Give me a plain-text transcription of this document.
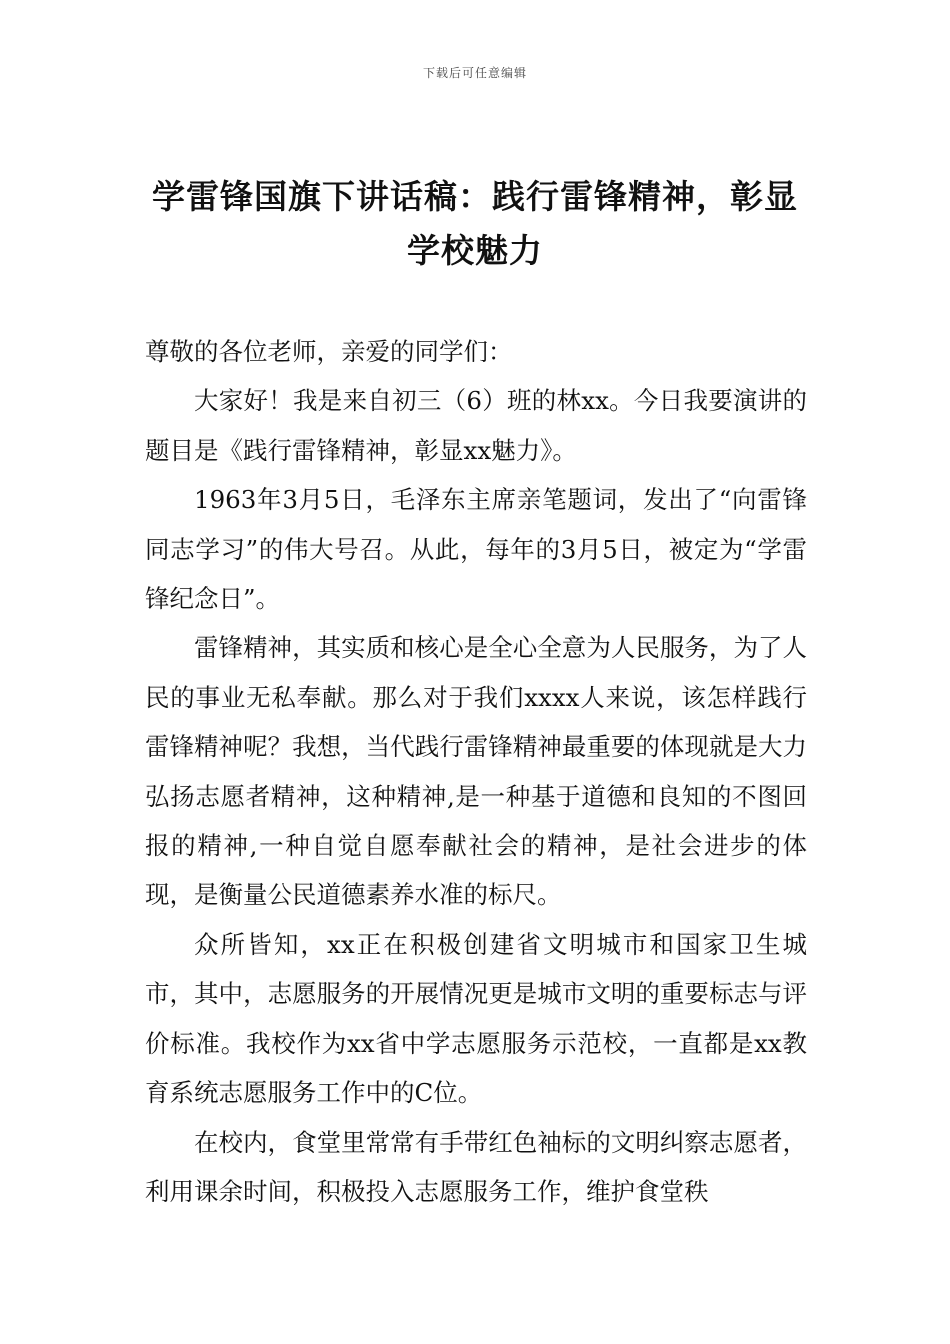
下载后可任意编辑
学雷锋国旗下讲话稿：践行雷锋精神，彰显学校魅力

尊敬的各位老师，亲爱的同学们：

大家好！我是来自初三（6）班的林xx。今日我要演讲的题目是《践行雷锋精神，彰显xx魅力》。

1963年3月5日，毛泽东主席亲笔题词，发出了“向雷锋同志学习”的伟大号召。从此，每年的3月5日，被定为“学雷锋纪念日”。

雷锋精神，其实质和核心是全心全意为人民服务，为了人民的事业无私奉献。那么对于我们xxxx人来说，该怎样践行雷锋精神呢？我想，当代践行雷锋精神最重要的体现就是大力弘扬志愿者精神，这种精神,是一种基于道德和良知的不图回报的精神,一种自觉自愿奉献社会的精神，是社会进步的体现，是衡量公民道德素养水准的标尺。

众所皆知，xx正在积极创建省文明城市和国家卫生城市，其中，志愿服务的开展情况更是城市文明的重要标志与评价标准。我校作为xx省中学志愿服务示范校，一直都是xx教育系统志愿服务工作中的C位。

在校内，食堂里常常有手带红色袖标的文明纠察志愿者，利用课余时间，积极投入志愿服务工作，维护食堂秩
